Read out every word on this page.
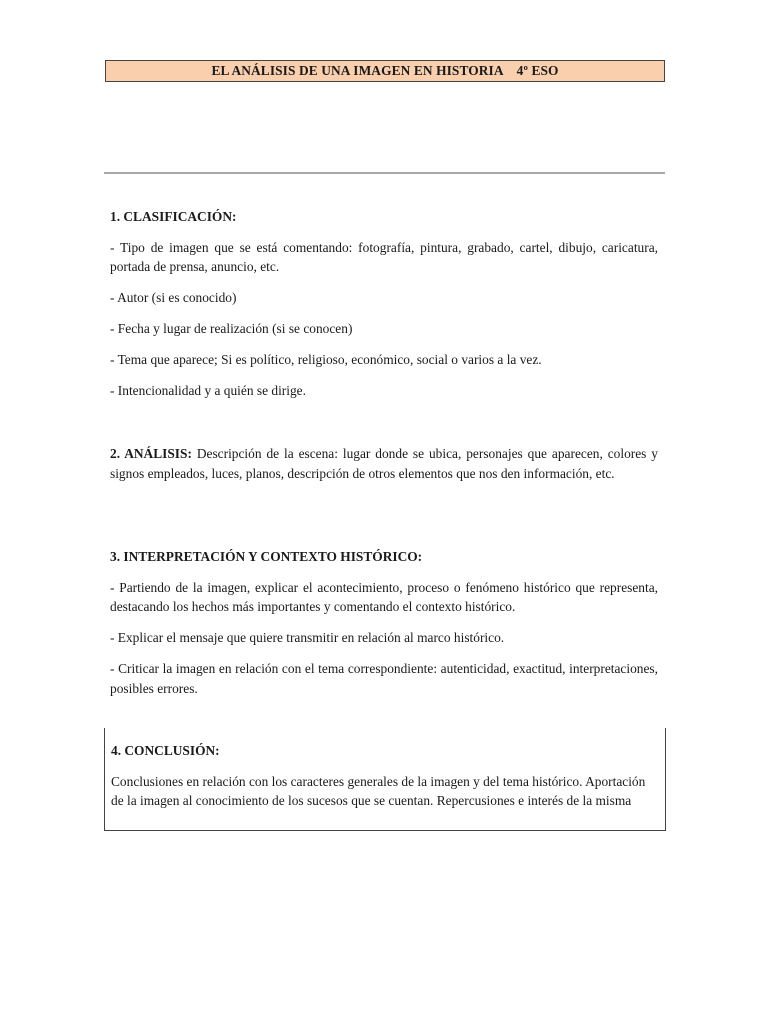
EL ANÁLISIS DE UNA IMAGEN EN HISTORIA    4º ESO

1. CLASIFICACIÓN:

- Tipo de imagen que se está comentando: fotografía, pintura, grabado, cartel, dibujo, caricatura, portada de prensa, anuncio, etc.

- Autor (si es conocido)

- Fecha y lugar de realización (si se conocen)

- Tema que aparece; Si es político, religioso, económico, social o varios a la vez.

- Intencionalidad y a quién se dirige.

2. ANÁLISIS: Descripción de la escena: lugar donde se ubica, personajes que aparecen, colores y signos empleados, luces, planos, descripción de otros elementos que nos den información, etc.

3. INTERPRETACIÓN Y CONTEXTO HISTÓRICO:

- Partiendo de la imagen, explicar el acontecimiento, proceso o fenómeno histórico que representa, destacando los hechos más importantes y comentando el contexto histórico.

- Explicar el mensaje que quiere transmitir en relación al marco histórico.

- Criticar la imagen en relación con el tema correspondiente: autenticidad, exactitud, interpretaciones, posibles errores.

4. CONCLUSIÓN:

Conclusiones en relación con los caracteres generales de la imagen y del tema histórico. Aportación de la imagen al conocimiento de los sucesos que se cuentan. Repercusiones e interés de la misma
